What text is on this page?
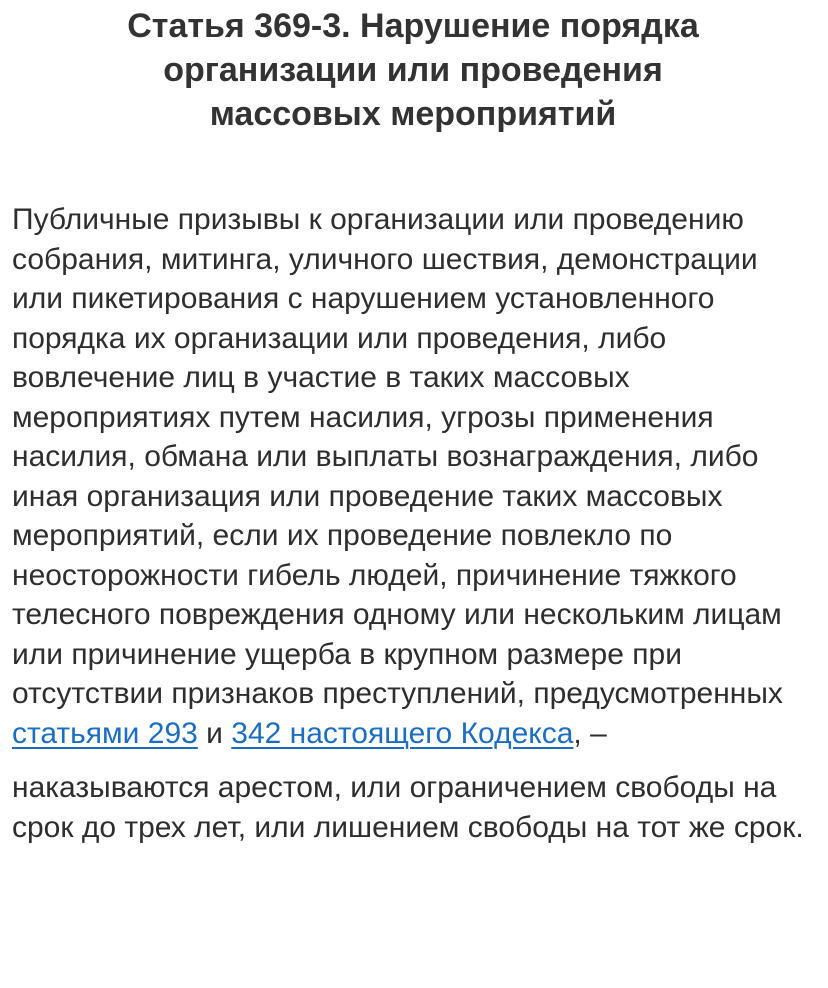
Статья 369-3. Нарушение порядка
организации или проведения
массовых мероприятий

Публичные призывы к организации или проведению собрания, митинга, уличного шествия, демонстрации или пикетирования с нарушением установленного порядка их организации или проведения, либо вовлечение лиц в участие в таких массовых мероприятиях путем насилия, угрозы применения насилия, обмана или выплаты вознаграждения, либо иная организация или проведение таких массовых мероприятий, если их проведение повлекло по неосторожности гибель людей, причинение тяжкого телесного повреждения одному или нескольким лицам или причинение ущерба в крупном размере при отсутствии признаков преступлений, предусмотренных статьями 293 и 342 настоящего Кодекса, –

наказываются арестом, или ограничением свободы на срок до трех лет, или лишением свободы на тот же срок.
